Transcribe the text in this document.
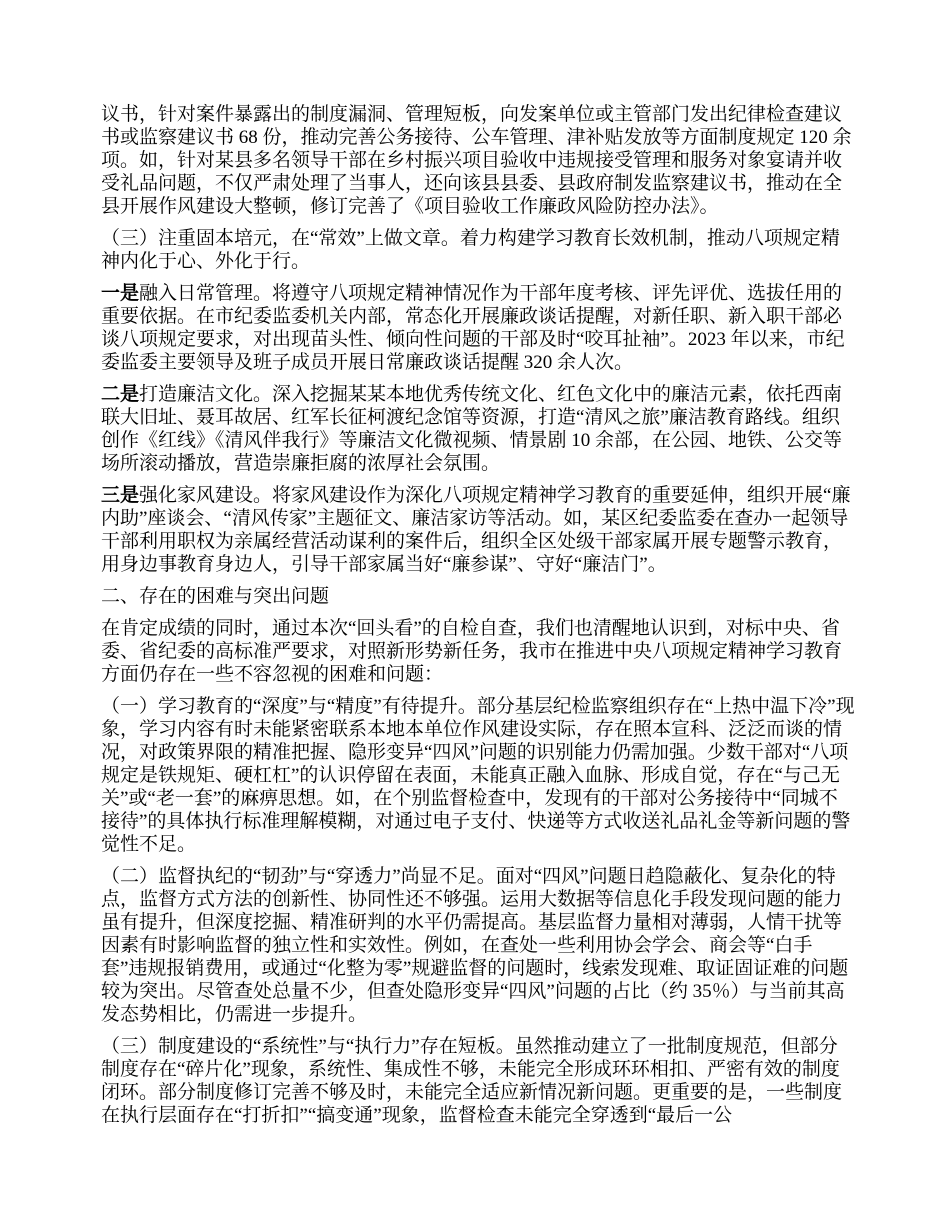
议书，针对案件暴露出的制度漏洞、管理短板，向发案单位或主管部门发出纪律检查建议书或监察建议书 68 份，推动完善公务接待、公车管理、津补贴发放等方面制度规定 120 余项。如，针对某县多名领导干部在乡村振兴项目验收中违规接受管理和服务对象宴请并收受礼品问题，不仅严肃处理了当事人，还向该县县委、县政府制发监察建议书，推动在全县开展作风建设大整顿，修订完善了《项目验收工作廉政风险防控办法》。

（三）注重固本培元，在“常效”上做文章。着力构建学习教育长效机制，推动八项规定精神内化于心、外化于行。

一是融入日常管理。将遵守八项规定精神情况作为干部年度考核、评先评优、选拔任用的重要依据。在市纪委监委机关内部，常态化开展廉政谈话提醒，对新任职、新入职干部必谈八项规定要求，对出现苗头性、倾向性问题的干部及时“咬耳扯袖”。2023 年以来，市纪委监委主要领导及班子成员开展日常廉政谈话提醒 320 余人次。

二是打造廉洁文化。深入挖掘某某本地优秀传统文化、红色文化中的廉洁元素，依托西南联大旧址、聂耳故居、红军长征柯渡纪念馆等资源，打造“清风之旅”廉洁教育路线。组织创作《红线》《清风伴我行》等廉洁文化微视频、情景剧 10 余部，在公园、地铁、公交等场所滚动播放，营造崇廉拒腐的浓厚社会氛围。

三是强化家风建设。将家风建设作为深化八项规定精神学习教育的重要延伸，组织开展“廉内助”座谈会、“清风传家”主题征文、廉洁家访等活动。如，某区纪委监委在查办一起领导干部利用职权为亲属经营活动谋利的案件后，组织全区处级干部家属开展专题警示教育，用身边事教育身边人，引导干部家属当好“廉参谋”、守好“廉洁门”。

二、存在的困难与突出问题

在肯定成绩的同时，通过本次“回头看”的自检自查，我们也清醒地认识到，对标中央、省委、省纪委的高标准严要求，对照新形势新任务，我市在推进中央八项规定精神学习教育方面仍存在一些不容忽视的困难和问题：

（一）学习教育的“深度”与“精度”有待提升。部分基层纪检监察组织存在“上热中温下冷”现象，学习内容有时未能紧密联系本地本单位作风建设实际，存在照本宣科、泛泛而谈的情况，对政策界限的精准把握、隐形变异“四风”问题的识别能力仍需加强。少数干部对“八项规定是铁规矩、硬杠杠”的认识停留在表面，未能真正融入血脉、形成自觉，存在“与己无关”或“老一套”的麻痹思想。如，在个别监督检查中，发现有的干部对公务接待中“同城不接待”的具体执行标准理解模糊，对通过电子支付、快递等方式收送礼品礼金等新问题的警觉性不足。

（二）监督执纪的“韧劲”与“穿透力”尚显不足。面对“四风”问题日趋隐蔽化、复杂化的特点，监督方式方法的创新性、协同性还不够强。运用大数据等信息化手段发现问题的能力虽有提升，但深度挖掘、精准研判的水平仍需提高。基层监督力量相对薄弱，人情干扰等因素有时影响监督的独立性和实效性。例如，在查处一些利用协会学会、商会等“白手套”违规报销费用，或通过“化整为零”规避监督的问题时，线索发现难、取证固证难的问题较为突出。尽管查处总量不少，但查处隐形变异“四风”问题的占比（约 35％）与当前其高发态势相比，仍需进一步提升。

（三）制度建设的“系统性”与“执行力”存在短板。虽然推动建立了一批制度规范，但部分制度存在“碎片化”现象，系统性、集成性不够，未能完全形成环环相扣、严密有效的制度闭环。部分制度修订完善不够及时，未能完全适应新情况新问题。更重要的是，一些制度在执行层面存在“打折扣”“搞变通”现象，监督检查未能完全穿透到“最后一公
